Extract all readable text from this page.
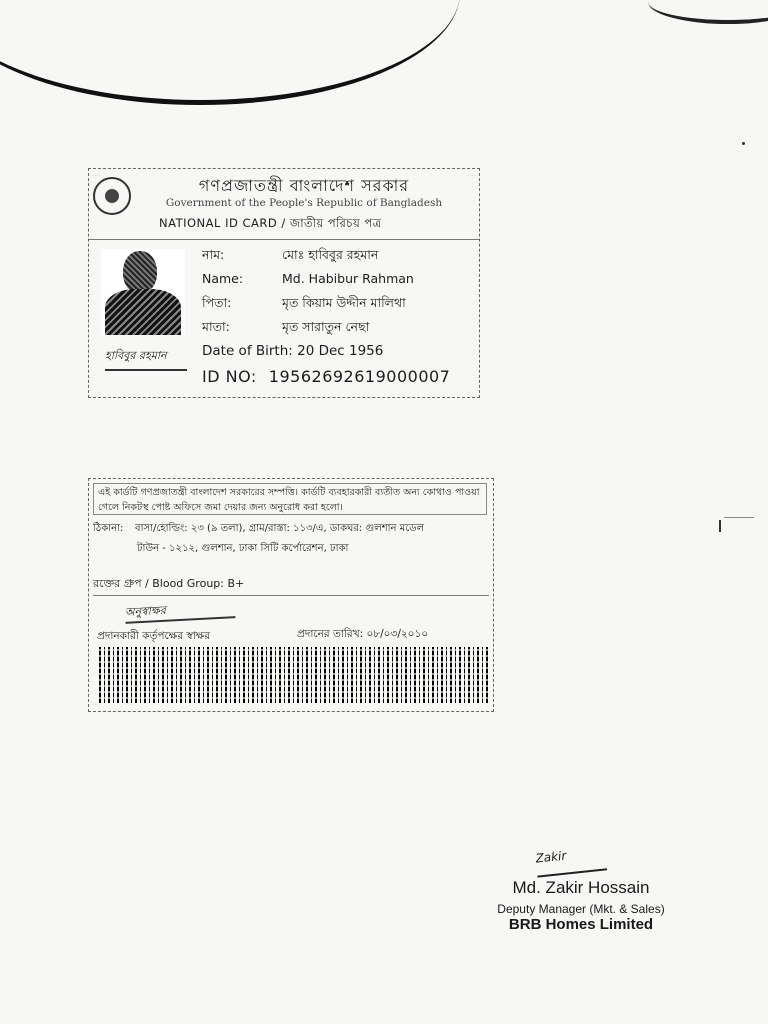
গণপ্রজাতন্ত্রী বাংলাদেশ সরকার
Government of the People's Republic of Bangladesh
NATIONAL ID CARD / জাতীয় পরিচয় পত্র
হাবিবুর রহমান
নাম:	মোঃ হাবিবুর রহমান
Name:	Md. Habibur Rahman
পিতা:	মৃত কিয়াম উদ্দীন মালিথা
মাতা:	মৃত সারাতুন নেছা
Date of Birth: 20 Dec 1956
ID NO: 19562692619000007
এই কার্ডটি গণপ্রজাতন্ত্রী বাংলাদেশ সরকারের সম্পত্তি। কার্ডটি ব্যবহারকারী ব্যতীত অন্য কোথাও পাওয়া গেলে নিকটস্থ পোষ্ট অফিসে জমা দেয়ার জন্য অনুরোধ করা হলো।
ঠিকানা: বাসা/হোল্ডিং: ২৩ (৯ তলা), গ্রাম/রাস্তা: ১১৩/এ, ডাকঘর: গুলশান মডেল
টাউন - ১২১২, গুলশান, ঢাকা সিটি কর্পোরেশন, ঢাকা
রক্তের গ্রুপ / Blood Group: B+
অনুস্বাক্ষর
প্রদানকারী কর্তৃপক্ষের স্বাক্ষর	প্রদানের তারিখ: ০৮/০৩/২০১০
Zakir
Md. Zakir Hossain
Deputy Manager (Mkt. & Sales)
BRB Homes Limited
